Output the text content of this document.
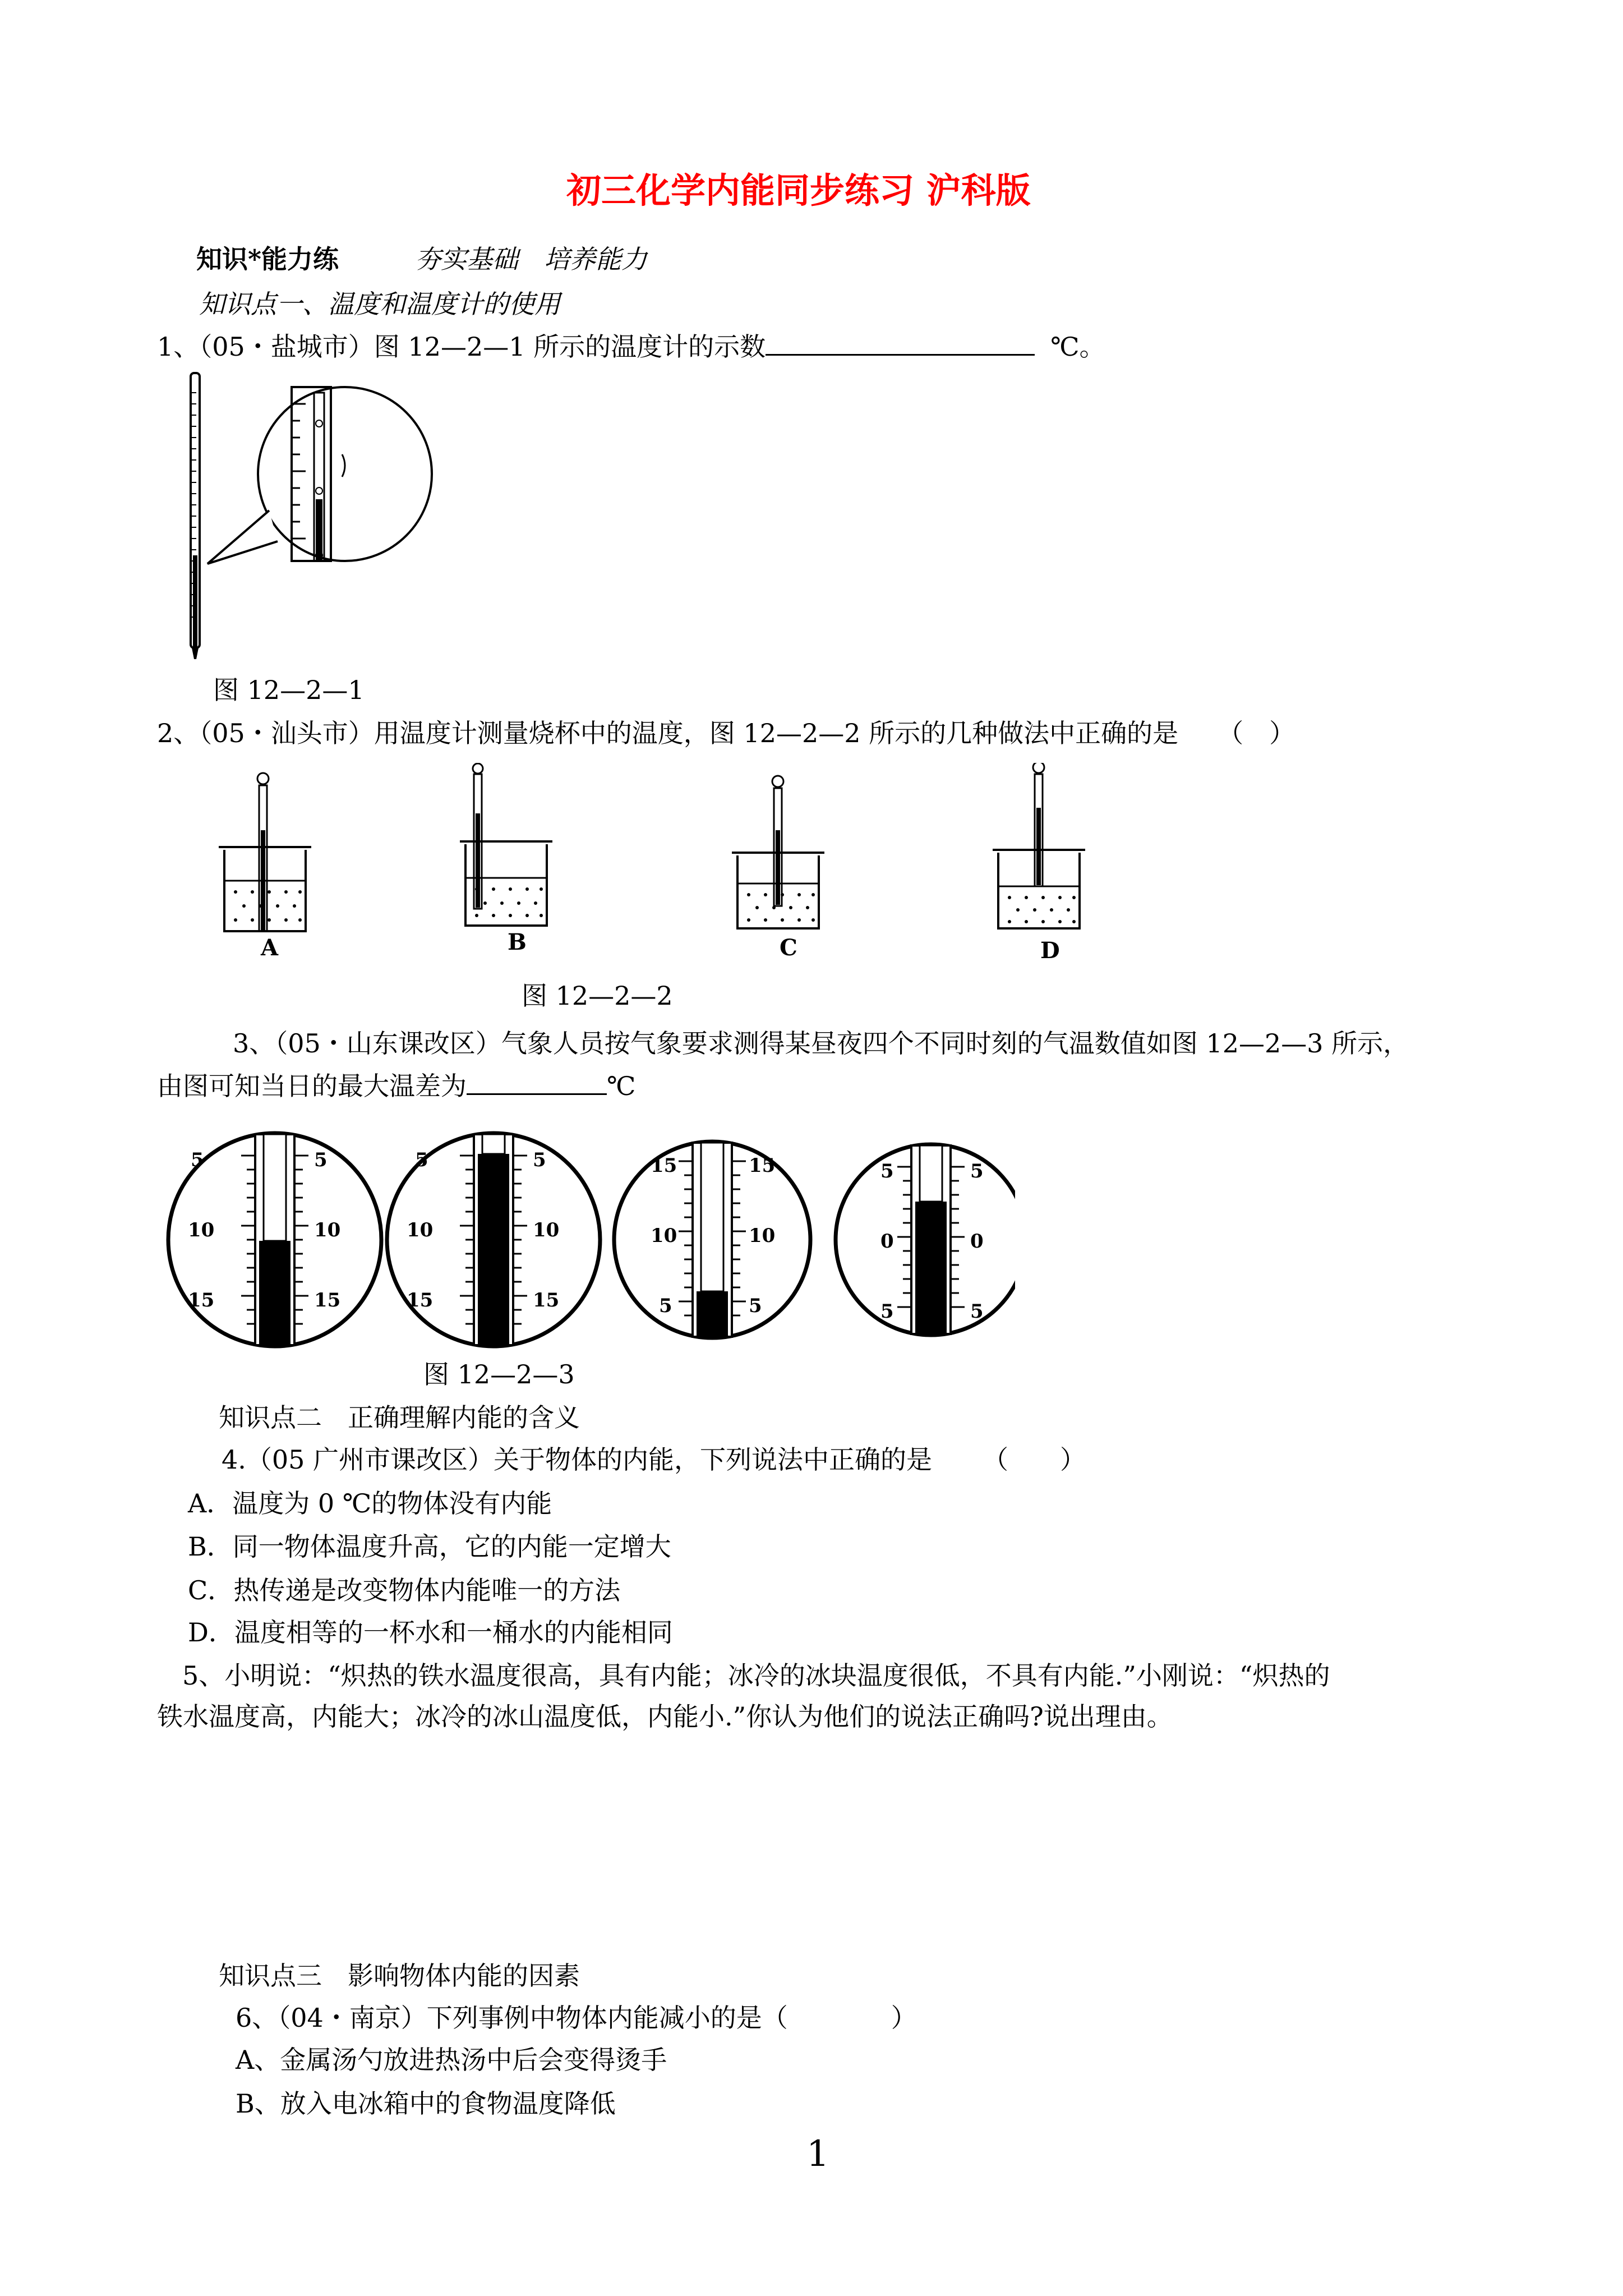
初三化学内能同步练习 沪科版
知识*能力练	夯实基础　培养能力
知识点一、温度和温度计的使用
1、（05・盐城市）图 12—2—1 所示的温度计的示数	℃。
图 12—2—1
2、（05・汕头市）用温度计测量烧杯中的温度，图 12—2—2 所示的几种做法中正确的是 （　）
A	B	C	D
图 12—2—2
3、（05・山东课改区）气象人员按气象要求测得某昼夜四个不同时刻的气温数值如图 12—2—3 所示，
由图可知当日的最大温差为	℃
5	5
10	10
15	15
5	5
10	10
15	15
15	15
10	10
5	5
5	5
0	0
5	5
图 12—2—3
知识点二　正确理解内能的含义
4.（05 广州市课改区）关于物体的内能，下列说法中正确的是 （　　）
A．温度为 0 ℃的物体没有内能
B．同一物体温度升高，它的内能一定增大
C．热传递是改变物体内能唯一的方法
D．温度相等的一杯水和一桶水的内能相同
5、小明说：“炽热的铁水温度很高，具有内能；冰冷的冰块温度很低，不具有内能.”小刚说：“炽热的
铁水温度高，内能大；冰冷的冰山温度低，内能小.”你认为他们的说法正确吗?说出理由。
知识点三　影响物体内能的因素
6、（04・南京）下列事例中物体内能减小的是（　　　　）
A、金属汤勺放进热汤中后会变得烫手
B、放入电冰箱中的食物温度降低
1
